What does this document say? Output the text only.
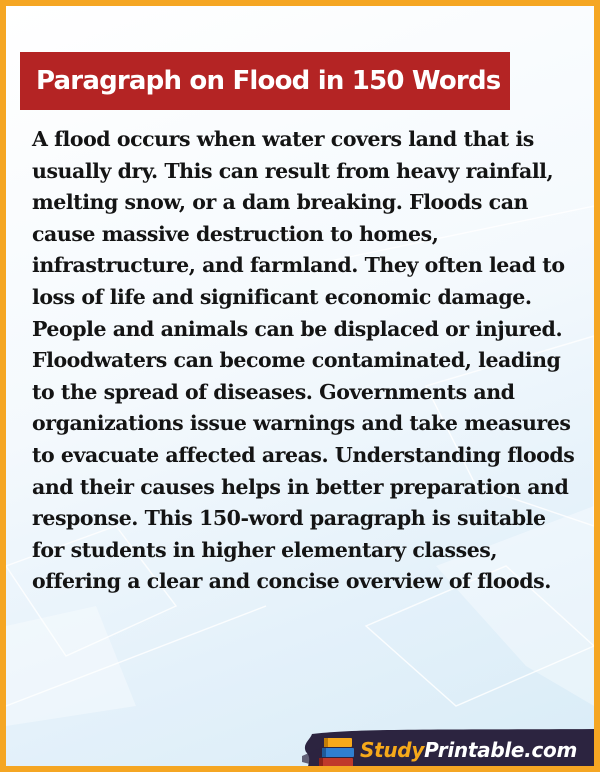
Paragraph on Flood in 150 Words

A flood occurs when water covers land that is usually dry. This can result from heavy rainfall, melting snow, or a dam breaking. Floods can cause massive destruction to homes, infrastructure, and farmland. They often lead to loss of life and significant economic damage. People and animals can be displaced or injured. Floodwaters can become contaminated, leading to the spread of diseases. Governments and organizations issue warnings and take measures to evacuate affected areas. Understanding floods and their causes helps in better preparation and response. This 150-word paragraph is suitable for students in higher elementary classes, offering a clear and concise overview of floods.

StudyPrintable.com
